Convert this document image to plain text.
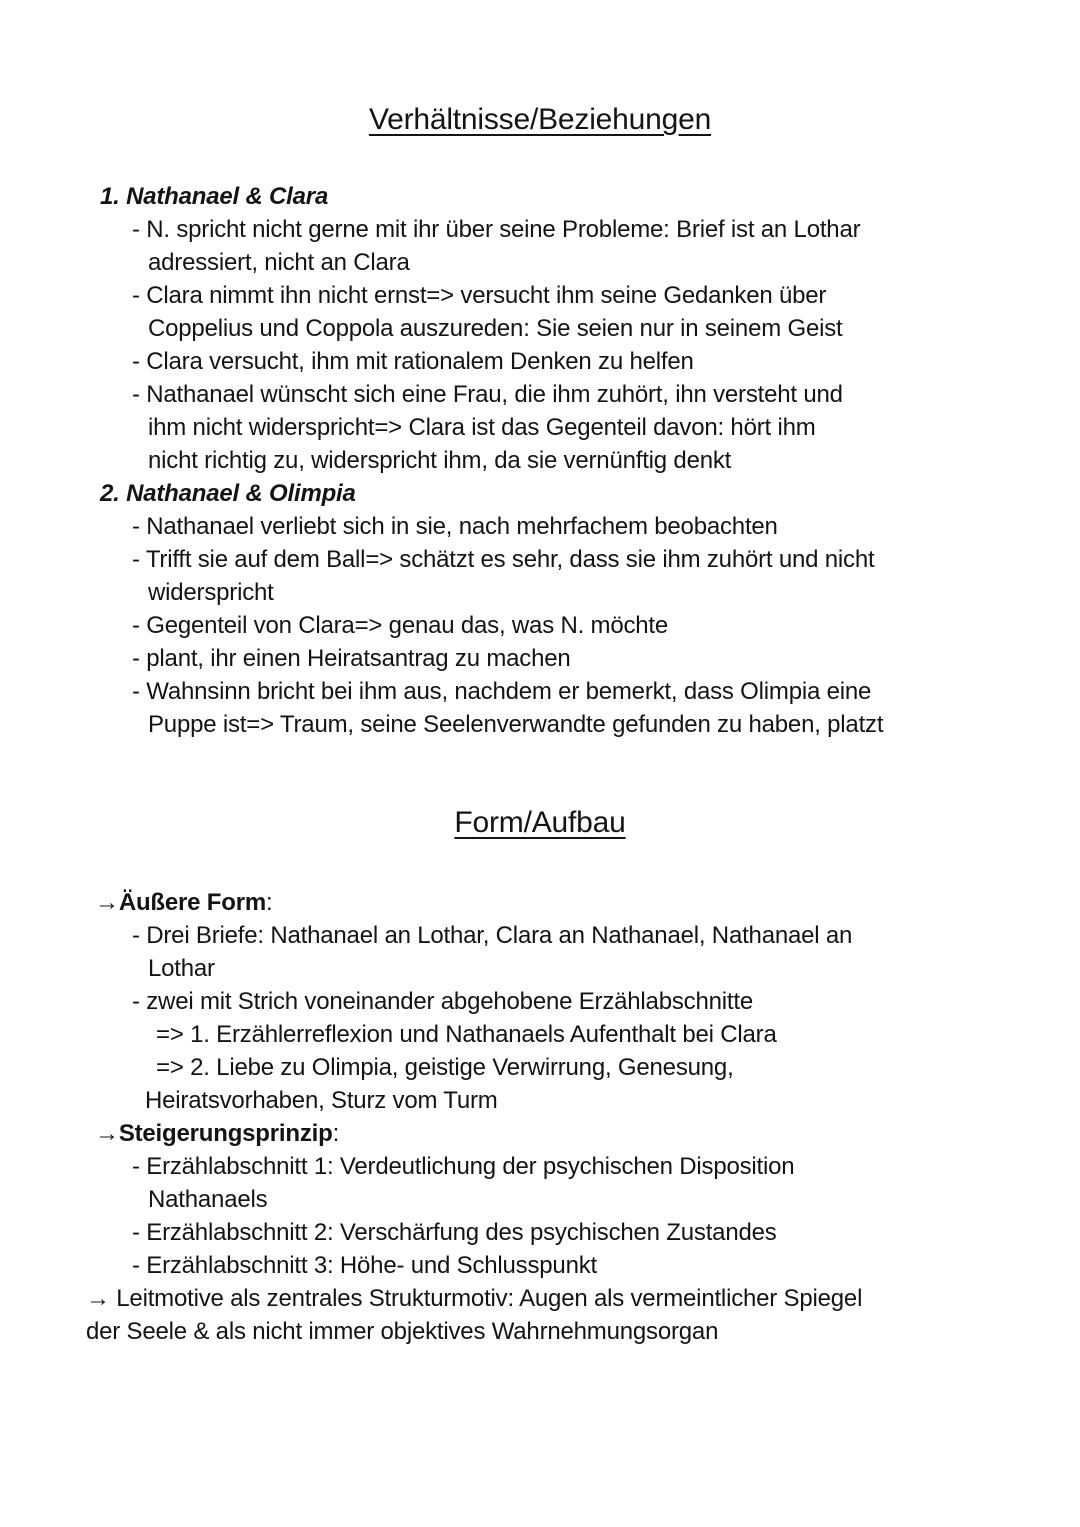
Verhältnisse/Beziehungen
1. Nathanael & Clara
- N. spricht nicht gerne mit ihr über seine Probleme: Brief ist an Lothar
adressiert, nicht an Clara
- Clara nimmt ihn nicht ernst=> versucht ihm seine Gedanken über
Coppelius und Coppola auszureden: Sie seien nur in seinem Geist
- Clara versucht, ihm mit rationalem Denken zu helfen
- Nathanael wünscht sich eine Frau, die ihm zuhört, ihn versteht und
ihm nicht widerspricht=> Clara ist das Gegenteil davon: hört ihm
nicht richtig zu, widerspricht ihm, da sie vernünftig denkt
2. Nathanael & Olimpia
- Nathanael verliebt sich in sie, nach mehrfachem beobachten
- Trifft sie auf dem Ball=> schätzt es sehr, dass sie ihm zuhört und nicht
widerspricht
- Gegenteil von Clara=> genau das, was N. möchte
- plant, ihr einen Heiratsantrag zu machen
- Wahnsinn bricht bei ihm aus, nachdem er bemerkt, dass Olimpia eine
Puppe ist=> Traum, seine Seelenverwandte gefunden zu haben, platzt
Form/Aufbau
→Äußere Form:
- Drei Briefe: Nathanael an Lothar, Clara an Nathanael, Nathanael an
Lothar
- zwei mit Strich voneinander abgehobene Erzählabschnitte
=> 1. Erzählerreflexion und Nathanaels Aufenthalt bei Clara
=> 2. Liebe zu Olimpia, geistige Verwirrung, Genesung,
Heiratsvorhaben, Sturz vom Turm
→Steigerungsprinzip:
- Erzählabschnitt 1: Verdeutlichung der psychischen Disposition
Nathanaels
- Erzählabschnitt 2: Verschärfung des psychischen Zustandes
- Erzählabschnitt 3: Höhe- und Schlusspunkt
→ Leitmotive als zentrales Strukturmotiv: Augen als vermeintlicher Spiegel
der Seele & als nicht immer objektives Wahrnehmungsorgan
